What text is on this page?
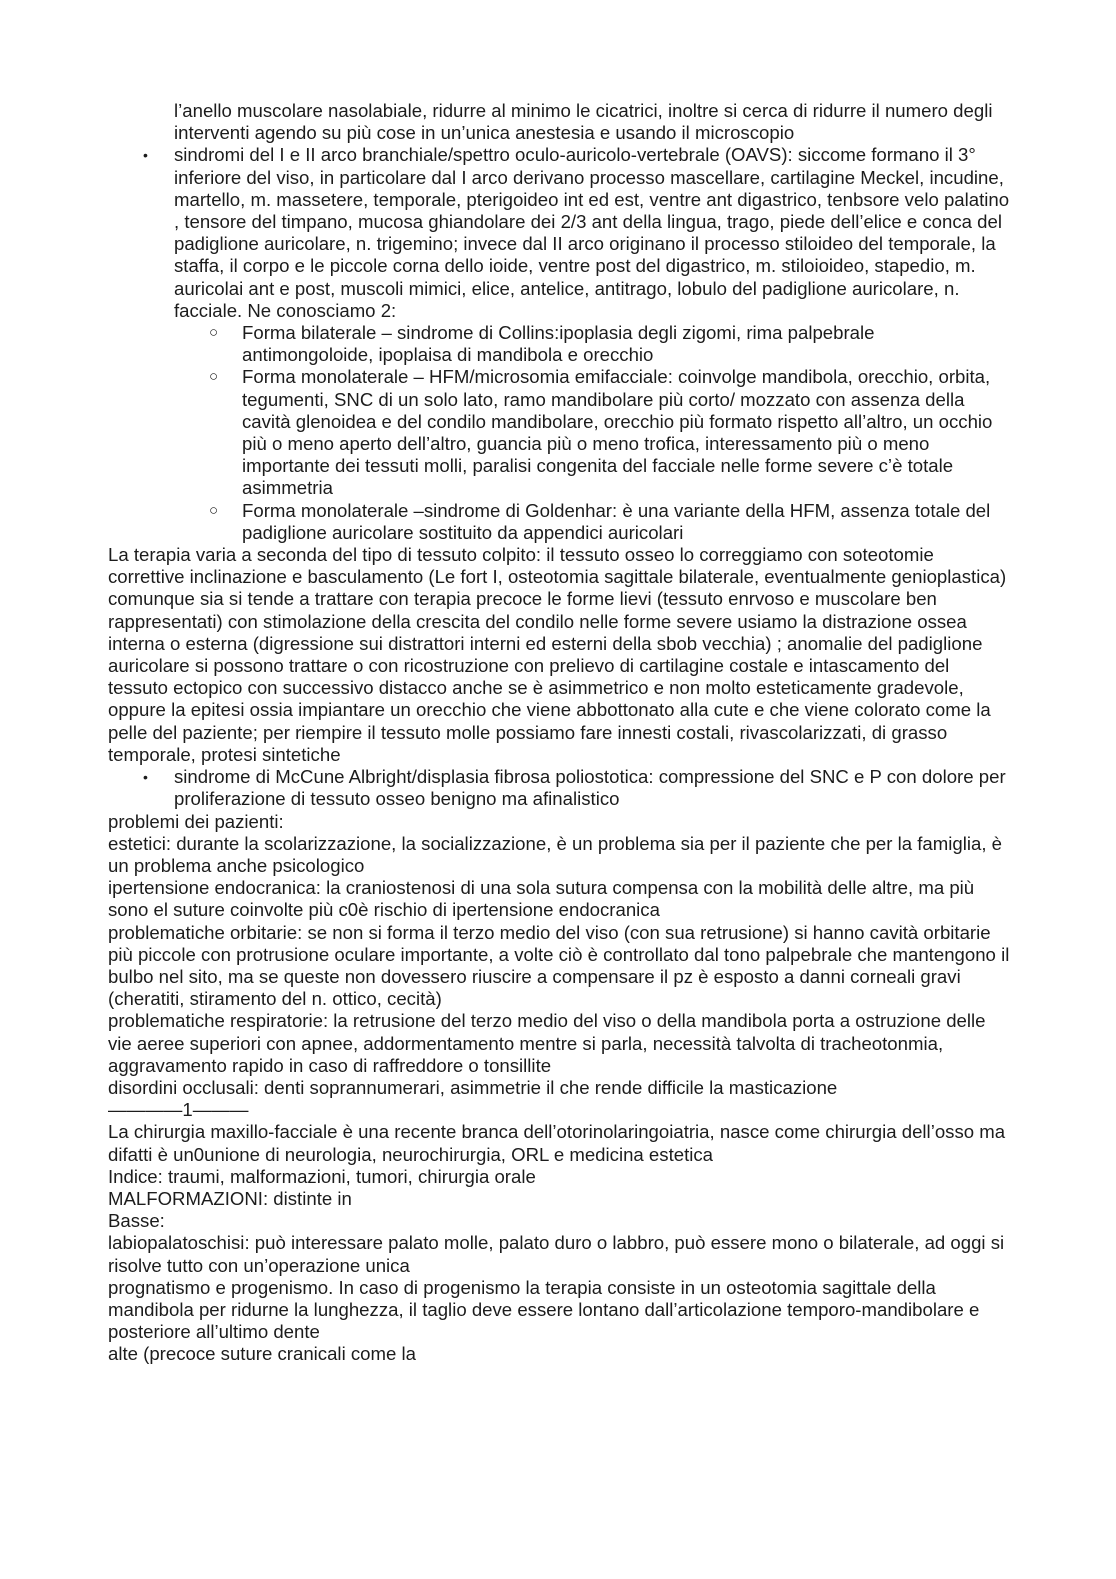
l’anello muscolare nasolabiale, ridurre al minimo le cicatrici, inoltre si cerca di ridurre il numero degli interventi agendo su più cose in un’unica anestesia e usando il microscopio

• sindromi del I e II arco branchiale/spettro oculo-auricolo-vertebrale (OAVS): siccome formano il 3° inferiore del viso, in particolare dal I arco derivano processo mascellare, cartilagine Meckel, incudine, martello, m. massetere, temporale, pterigoideo int ed est, ventre ant digastrico, tenbsore velo palatino , tensore del timpano, mucosa ghiandolare dei 2/3 ant della lingua, trago, piede dell’elice e conca del padiglione auricolare, n. trigemino; invece dal II arco originano il processo stiloideo del temporale, la staffa, il corpo e le piccole corna dello ioide, ventre post del digastrico, m. stiloioideo, stapedio, m. auricolai ant e post, muscoli mimici, elice, antelice, antitrago, lobulo del padiglione auricolare, n. facciale. Ne conosciamo 2:
○ Forma bilaterale – sindrome di Collins:ipoplasia degli zigomi, rima palpebrale antimongoloide, ipoplaisa di mandibola e orecchio
○ Forma monolaterale – HFM/microsomia emifacciale: coinvolge mandibola, orecchio, orbita, tegumenti, SNC di un solo lato, ramo mandibolare più corto/ mozzato con assenza della cavità glenoidea e del condilo mandibolare, orecchio più formato rispetto all’altro, un occhio più o meno aperto dell’altro, guancia più o meno trofica, interessamento più o meno importante dei tessuti molli, paralisi congenita del facciale nelle forme severe c’è totale asimmetria
○ Forma monolaterale –sindrome di Goldenhar: è una variante della HFM, assenza totale del padiglione auricolare sostituito da appendici auricolari

La terapia varia a seconda del tipo di tessuto colpito: il tessuto osseo lo correggiamo con soteotomie correttive inclinazione e basculamento (Le fort I, osteotomia sagittale bilaterale, eventualmente genioplastica) comunque sia si tende a trattare con terapia precoce le forme lievi (tessuto enrvoso e muscolare ben rappresentati) con stimolazione della crescita del condilo nelle forme severe usiamo la distrazione ossea interna o esterna (digressione sui distrattori interni ed esterni della sbob vecchia) ; anomalie del padiglione auricolare si possono trattare o con ricostruzione con prelievo di cartilagine costale e intascamento del tessuto ectopico con successivo distacco anche se è asimmetrico e non molto esteticamente gradevole, oppure la epitesi ossia impiantare un orecchio che viene abbottonato alla cute e che viene colorato come la pelle del paziente; per riempire il tessuto molle possiamo fare innesti costali, rivascolarizzati, di grasso temporale, protesi sintetiche

• sindrome di McCune Albright/displasia fibrosa poliostotica: compressione del SNC e P con dolore per proliferazione di tessuto osseo benigno ma afinalistico

problemi dei pazienti:

estetici: durante la scolarizzazione, la socializzazione, è un problema sia per il paziente che per la famiglia, è un problema anche psicologico

ipertensione endocranica: la craniostenosi di una sola sutura compensa con la mobilità delle altre, ma più sono el suture coinvolte più c0è rischio di ipertensione endocranica

problematiche orbitarie: se non si forma il terzo medio del viso (con sua retrusione) si hanno cavità orbitarie più piccole con protrusione oculare importante, a volte ciò è controllato dal tono palpebrale che mantengono il bulbo nel sito, ma se queste non dovessero riuscire a compensare il pz è esposto a danni corneali gravi (cheratiti, stiramento del n. ottico, cecità)

problematiche respiratorie: la retrusione del terzo medio del viso o della mandibola porta a ostruzione delle vie aeree superiori con apnee, addormentamento mentre si parla, necessità talvolta di tracheotonmia, aggravamento rapido in caso di raffreddore o tonsillite

disordini occlusali: denti soprannumerari, asimmetrie il che rende difficile la masticazione

————1———

La chirurgia maxillo-facciale è una recente branca dell’otorinolaringoiatria, nasce come chirurgia dell’osso ma difatti è un0unione di neurologia, neurochirurgia, ORL e medicina estetica

Indice: traumi, malformazioni, tumori, chirurgia orale

MALFORMAZIONI: distinte in

Basse:

labiopalatoschisi: può interessare palato molle, palato duro o labbro, può essere mono o bilaterale, ad oggi si risolve tutto con un’operazione unica

prognatismo e progenismo. In caso di progenismo la terapia consiste in un osteotomia sagittale della mandibola per ridurne la lunghezza, il taglio deve essere lontano dall’articolazione temporo-mandibolare e posteriore all’ultimo dente

alte (precoce suture cranicali come la
